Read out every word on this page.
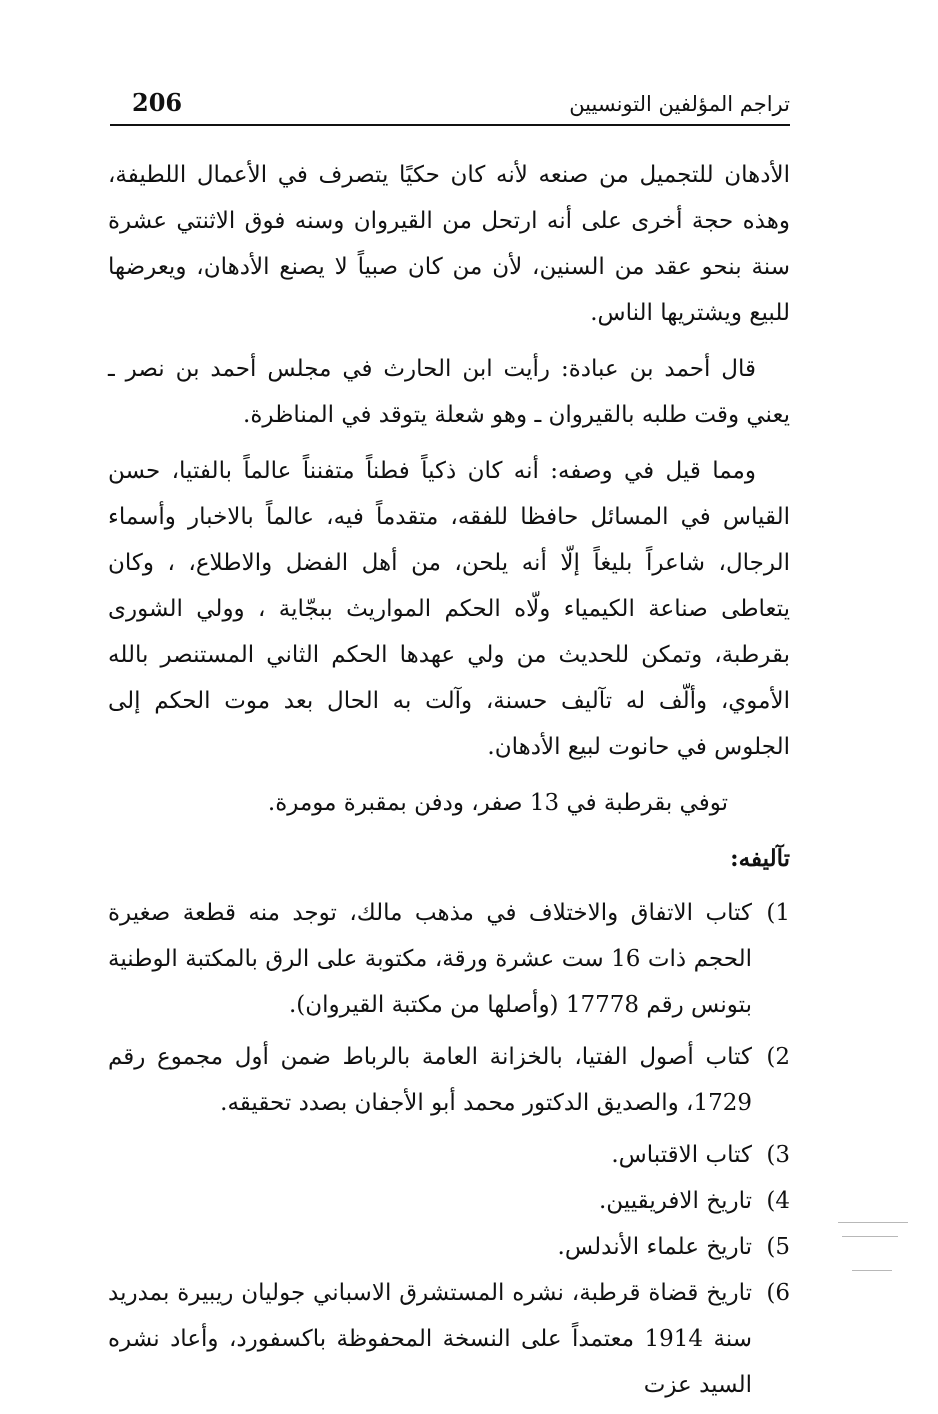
تراجم المؤلفين التونسيين
206

الأدهان للتجميل من صنعه لأنه كان حكيًا يتصرف في الأعمال اللطيفة، وهذه حجة أخرى على أنه ارتحل من القيروان وسنه فوق الاثنتي عشرة سنة بنحو عقد من السنين، لأن من كان صبياً لا يصنع الأدهان، ويعرضها للبيع ويشتريها الناس.

قال أحمد بن عبادة: رأيت ابن الحارث في مجلس أحمد بن نصر ـ يعني وقت طلبه بالقيروان ـ وهو شعلة يتوقد في المناظرة.

ومما قيل في وصفه: أنه كان ذكياً فطناً متفنناً عالماً بالفتيا، حسن القياس في المسائل حافظا للفقه، متقدماً فيه، عالماً بالاخبار وأسماء الرجال، شاعراً بليغاً إلّا أنه يلحن، من أهل الفضل والاطلاع، ، وكان يتعاطى صناعة الكيمياء ولّاه الحكم المواريث ببجّاية ، وولي الشورى بقرطبة، وتمكن للحديث من ولي عهدها الحكم الثاني المستنصر بالله الأموي، وألّف له تآليف حسنة، وآلت به الحال بعد موت الحكم إلى الجلوس في حانوت لبيع الأدهان.

توفي بقرطبة في 13 صفر، ودفن بمقبرة مومرة.

تآليفه:
(1
كتاب الاتفاق والاختلاف في مذهب مالك، توجد منه قطعة صغيرة الحجم ذات 16 ست عشرة ورقة، مكتوبة على الرق بالمكتبة الوطنية بتونس رقم 17778 (وأصلها من مكتبة القيروان).
(2
كتاب أصول الفتيا، بالخزانة العامة بالرباط ضمن أول مجموع رقم 1729، والصديق الدكتور محمد أبو الأجفان بصدد تحقيقه.
(3
كتاب الاقتباس.
(4
تاريخ الافريقيين.
(5
تاريخ علماء الأندلس.
(6
تاريخ قضاة قرطبة، نشره المستشرق الاسباني جوليان ريبيرة بمدريد سنة 1914 معتمداً على النسخة المحفوظة باكسفورد، وأعاد نشره السيد عزت
